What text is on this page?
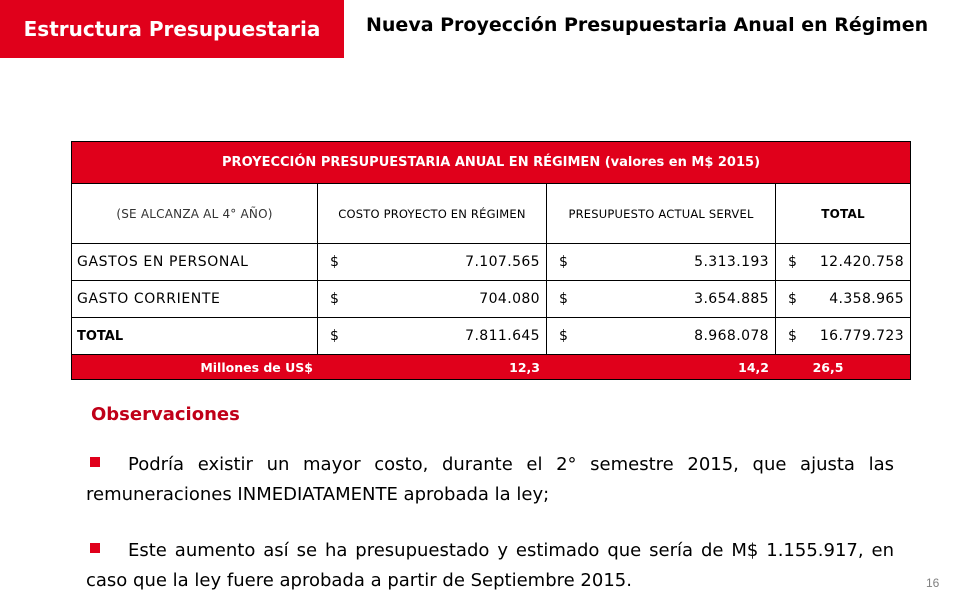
Estructura Presupuestaria	Nueva Proyección Presupuestaria Anual en Régimen
PROYECCIÓN PRESUPUESTARIA ANUAL EN RÉGIMEN (valores en M$ 2015)			
(SE ALCANZA AL 4° AÑO)	COSTO PROYECTO EN RÉGIMEN	PRESUPUESTO ACTUAL SERVEL	TOTAL
GASTOS EN PERSONAL	$ 7.107.565	$ 5.313.193	$ 12.420.758

GASTO CORRIENTE	$ 704.080	$ 3.654.885	$ 4.358.965

TOTAL	$ 7.811.645	$ 8.968.078	$ 16.779.723

Millones de US$	12,3	14,2	26,5
Observaciones
Podría existir un mayor costo, durante el 2° semestre 2015, que ajusta las remuneraciones INMEDIATAMENTE aprobada la ley;
Este aumento así se ha presupuestado y estimado que sería de M$ 1.155.917, en caso que la ley fuere aprobada a partir de Septiembre 2015.	16
